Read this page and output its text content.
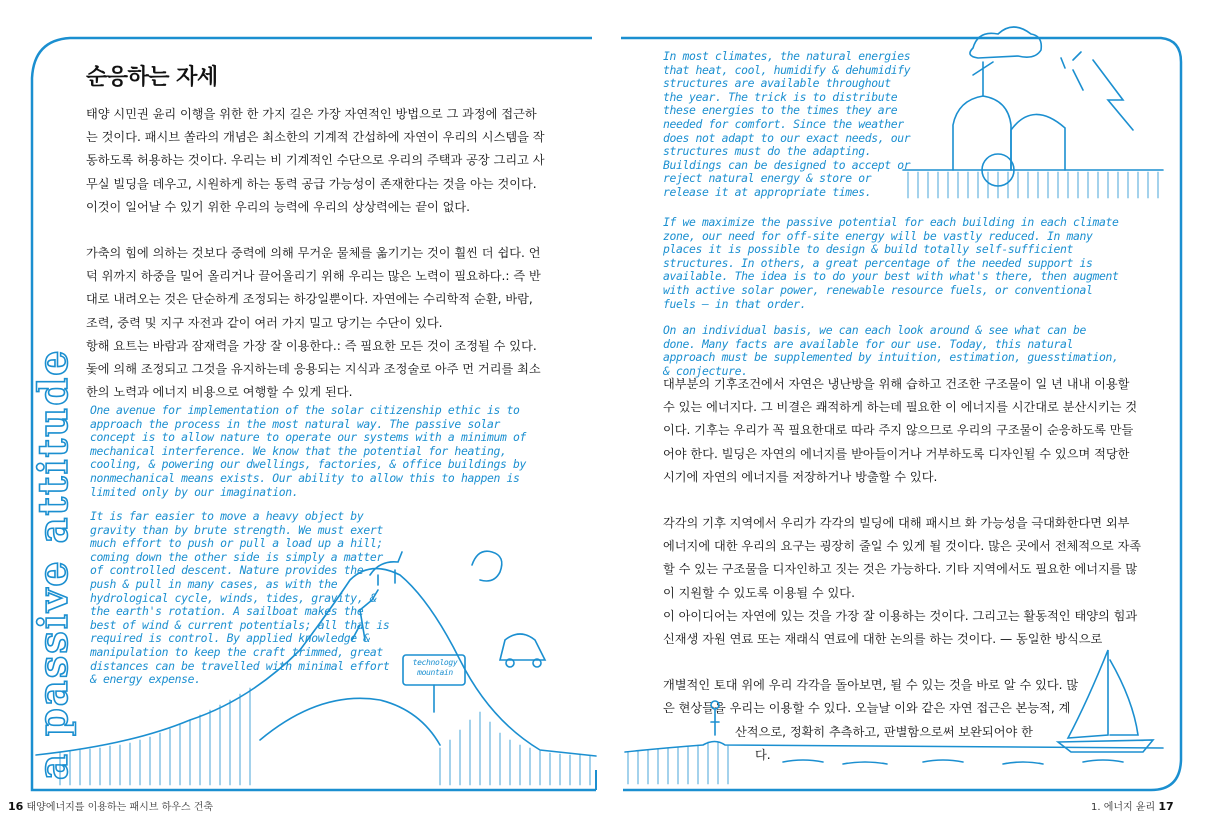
a passive attitude
순응하는 자세

태양 시민권 윤리 이행을 위한 한 가지 길은 가장 자연적인 방법으로 그 과정에 접근하는 것이다. 패시브 쏠라의 개념은 최소한의 기계적 간섭하에 자연이 우리의 시스템을 작동하도록 허용하는 것이다. 우리는 비 기계적인 수단으로 우리의 주택과 공장 그리고 사무실 빌딩을 데우고, 시원하게 하는 동력 공급 가능성이 존재한다는 것을 아는 것이다. 이것이 일어날 수 있기 위한 우리의 능력에 우리의 상상력에는 끝이 없다.

가축의 힘에 의하는 것보다 중력에 의해 무거운 물체를 옮기기는 것이 훨씬 더 쉽다. 언덕 위까지 하중을 밀어 올리거나 끌어올리기 위해 우리는 많은 노력이 필요하다.: 즉 반대로 내려오는 것은 단순하게 조정되는 하강일뿐이다. 자연에는 수리학적 순환, 바람, 조력, 중력 및 지구 자전과 같이 여러 가지 밀고 당기는 수단이 있다.

항해 요트는 바람과 잠재력을 가장 잘 이용한다.: 즉 필요한 모든 것이 조정될 수 있다. 돛에 의해 조정되고 그것을 유지하는데 응용되는 지식과 조정술로 아주 먼 거리를 최소한의 노력과 에너지 비용으로 여행할 수 있게 된다.

One avenue for implementation of the solar citizenship ethic is to approach the process in the most natural way. The passive solar concept is to allow nature to operate our systems with a minimum of mechanical interference. We know that the potential for heating, cooling, & powering our dwellings, factories, & office buildings by nonmechanical means exists. Our ability to allow this to happen is limited only by our imagination.

It is far easier to move a heavy object by gravity than by brute strength. We must exert much effort to push or pull a load up a hill; coming down the other side is simply a matter of controlled descent. Nature provides the push & pull in many cases, as with the hydrological cycle, winds, tides, gravity, & the earth's rotation. A sailboat makes the best of wind & current potentials; all that is required is control. By applied knowledge & manipulation to keep the craft trimmed, great distances can be travelled with minimal effort & energy expense.

technology mountain
16 태양에너지를 이용하는 패시브 하우스 건축

In most climates, the natural energies that heat, cool, humidify & dehumidify structures are available throughout the year. The trick is to distribute these energies to the times they are needed for comfort. Since the weather does not adapt to our exact needs, our structures must do the adapting. Buildings can be designed to accept or reject natural energy & store or release it at appropriate times.

If we maximize the passive potential for each building in each climate zone, our need for off-site energy will be vastly reduced. In many places it is possible to design & build totally self-sufficient structures. In others, a great percentage of the needed support is available. The idea is to do your best with what's there, then augment with active solar power, renewable resource fuels, or conventional fuels — in that order.

On an individual basis, we can each look around & see what can be done. Many facts are available for our use. Today, this natural approach must be supplemented by intuition, estimation, guesstimation, & conjecture.

대부분의 기후조건에서 자연은 냉난방을 위해 습하고 건조한 구조물이 일 년 내내 이용할 수 있는 에너지다. 그 비결은 쾌적하게 하는데 필요한 이 에너지를 시간대로 분산시키는 것이다. 기후는 우리가 꼭 필요한대로 따라 주지 않으므로 우리의 구조물이 순응하도록 만들어야 한다. 빌딩은 자연의 에너지를 받아들이거나 거부하도록 디자인될 수 있으며 적당한 시기에 자연의 에너지를 저장하거나 방출할 수 있다.

각각의 기후 지역에서 우리가 각각의 빌딩에 대해 패시브 화 가능성을 극대화한다면 외부 에너지에 대한 우리의 요구는 굉장히 줄일 수 있게 될 것이다. 많은 곳에서 전체적으로 자족할 수 있는 구조물을 디자인하고 짓는 것은 가능하다. 기타 지역에서도 필요한 에너지를 많이 지원할 수 있도록 이용될 수 있다.

이 아이디어는 자연에 있는 것을 가장 잘 이용하는 것이다. 그리고는 활동적인 태양의 힘과 신재생 자원 연료 또는 재래식 연료에 대한 논의를 하는 것이다. — 동일한 방식으로

개별적인 토대 위에 우리 각각을 돌아보면, 될 수 있는 것을 바로 알 수 있다. 많은 현상들을 우리는 이용할 수 있다. 오늘날 이와 같은 자연 접근은 본능적, 계

산적으로, 정확히 추측하고, 판별함으로써 보완되어야 한

다.

1. 에너지 윤리 17
